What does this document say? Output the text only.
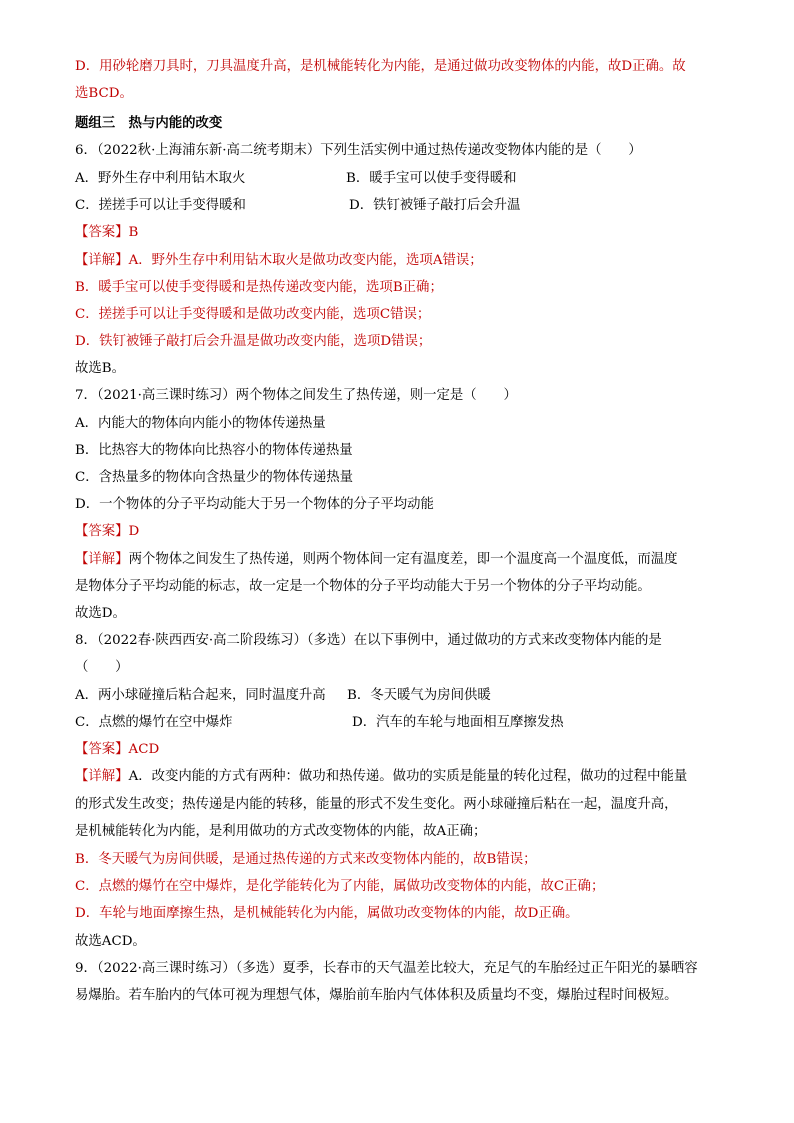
D．用砂轮磨刀具时，刀具温度升高，是机械能转化为内能，是通过做功改变物体的内能，故D正确。故
选BCD。
题组三　热与内能的改变
6．（2022秋·上海浦东新·高二统考期末）下列生活实例中通过热传递改变物体内能的是（　　）
A．野外生存中利用钻木取火	B．暖手宝可以使手变得暖和
C．搓搓手可以让手变得暖和	D．铁钉被锤子敲打后会升温
【答案】B
【详解】A．野外生存中利用钻木取火是做功改变内能，选项A错误；
B．暖手宝可以使手变得暖和是热传递改变内能，选项B正确；
C．搓搓手可以让手变得暖和是做功改变内能，选项C错误；
D．铁钉被锤子敲打后会升温是做功改变内能，选项D错误；
故选B。
7．（2021·高三课时练习）两个物体之间发生了热传递，则一定是（　　）
A．内能大的物体向内能小的物体传递热量
B．比热容大的物体向比热容小的物体传递热量
C．含热量多的物体向含热量少的物体传递热量
D．一个物体的分子平均动能大于另一个物体的分子平均动能
【答案】D
【详解】两个物体之间发生了热传递，则两个物体间一定有温度差，即一个温度高一个温度低，而温度
是物体分子平均动能的标志，故一定是一个物体的分子平均动能大于另一个物体的分子平均动能。
故选D。
8．（2022春·陕西西安·高二阶段练习）（多选）在以下事例中，通过做功的方式来改变物体内能的是
（　　）
A．两小球碰撞后粘合起来，同时温度升高 B．冬天暖气为房间供暖
C．点燃的爆竹在空中爆炸	D．汽车的车轮与地面相互摩擦发热
【答案】ACD
【详解】A．改变内能的方式有两种：做功和热传递。做功的实质是能量的转化过程，做功的过程中能量
的形式发生改变；热传递是内能的转移，能量的形式不发生变化。两小球碰撞后粘在一起，温度升高，
是机械能转化为内能，是利用做功的方式改变物体的内能，故A正确；
B．冬天暖气为房间供暖，是通过热传递的方式来改变物体内能的，故B错误；
C．点燃的爆竹在空中爆炸，是化学能转化为了内能，属做功改变物体的内能，故C正确；
D．车轮与地面摩擦生热，是机械能转化为内能，属做功改变物体的内能，故D正确。
故选ACD。
9．（2022·高三课时练习）（多选）夏季，长春市的天气温差比较大，充足气的车胎经过正午阳光的暴晒容
易爆胎。若车胎内的气体可视为理想气体，爆胎前车胎内气体体积及质量均不变，爆胎过程时间极短。
